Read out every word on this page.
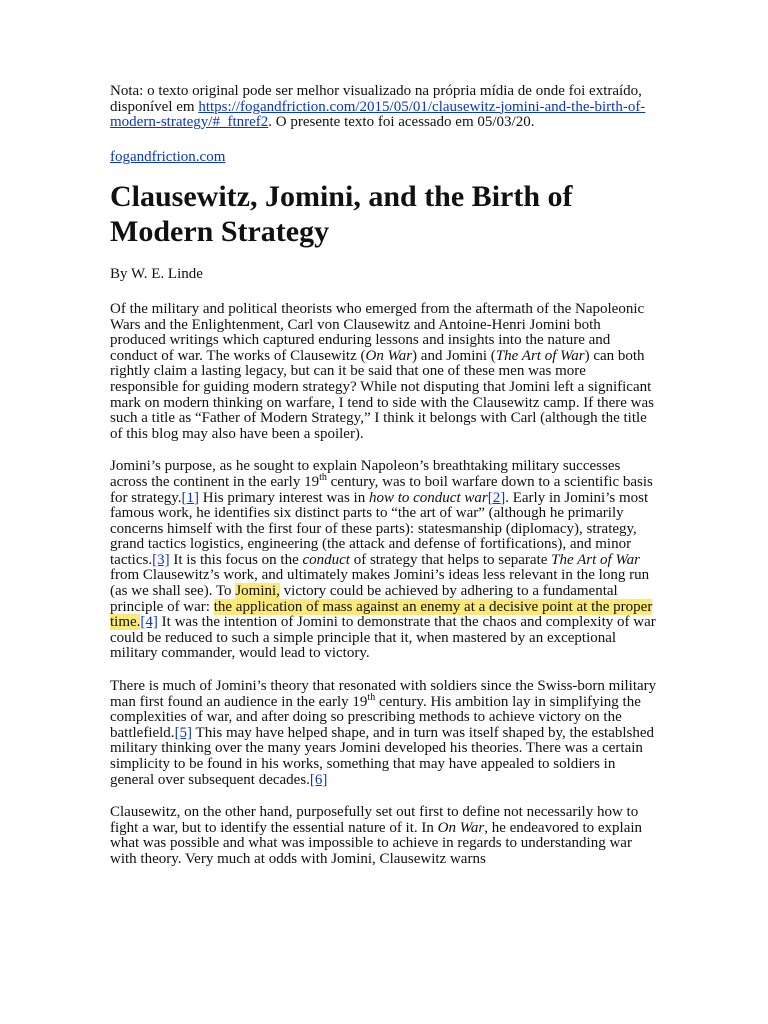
Nota: o texto original pode ser melhor visualizado na própria mídia de onde foi extraído, disponível em https://fogandfriction.com/2015/05/01/clausewitz-jomini-and-the-birth-of-modern-strategy/#_ftnref2. O presente texto foi acessado em 05/03/20.

fogandfriction.com

Clausewitz, Jomini, and the Birth of Modern Strategy

By W. E. Linde

Of the military and political theorists who emerged from the aftermath of the Napoleonic Wars and the Enlightenment, Carl von Clausewitz and Antoine-Henri Jomini both produced writings which captured enduring lessons and insights into the nature and conduct of war. The works of Clausewitz (On War) and Jomini (The Art of War) can both rightly claim a lasting legacy, but can it be said that one of these men was more responsible for guiding modern strategy? While not disputing that Jomini left a significant mark on modern thinking on warfare, I tend to side with the Clausewitz camp. If there was such a title as “Father of Modern Strategy,” I think it belongs with Carl (although the title of this blog may also have been a spoiler).

Jomini’s purpose, as he sought to explain Napoleon’s breathtaking military successes across the continent in the early 19th century, was to boil warfare down to a scientific basis for strategy.[1] His primary interest was in how to conduct war[2]. Early in Jomini’s most famous work, he identifies six distinct parts to “the art of war” (although he primarily concerns himself with the first four of these parts): statesmanship (diplomacy), strategy, grand tactics logistics, engineering (the attack and defense of fortifications), and minor tactics.[3] It is this focus on the conduct of strategy that helps to separate The Art of War from Clausewitz’s work, and ultimately makes Jomini’s ideas less relevant in the long run (as we shall see). To Jomini, victory could be achieved by adhering to a fundamental principle of war: the application of mass against an enemy at a decisive point at the proper time.[4] It was the intention of Jomini to demonstrate that the chaos and complexity of war could be reduced to such a simple principle that it, when mastered by an exceptional military commander, would lead to victory.

There is much of Jomini’s theory that resonated with soldiers since the Swiss-born military man first found an audience in the early 19th century. His ambition lay in simplifying the complexities of war, and after doing so prescribing methods to achieve victory on the battlefield.[5] This may have helped shape, and in turn was itself shaped by, the establshed military thinking over the many years Jomini developed his theories. There was a certain simplicity to be found in his works, something that may have appealed to soldiers in general over subsequent decades.[6]

Clausewitz, on the other hand, purposefully set out first to define not necessarily how to fight a war, but to identify the essential nature of it. In On War, he endeavored to explain what was possible and what was impossible to achieve in regards to understanding war with theory. Very much at odds with Jomini, Clausewitz warns
